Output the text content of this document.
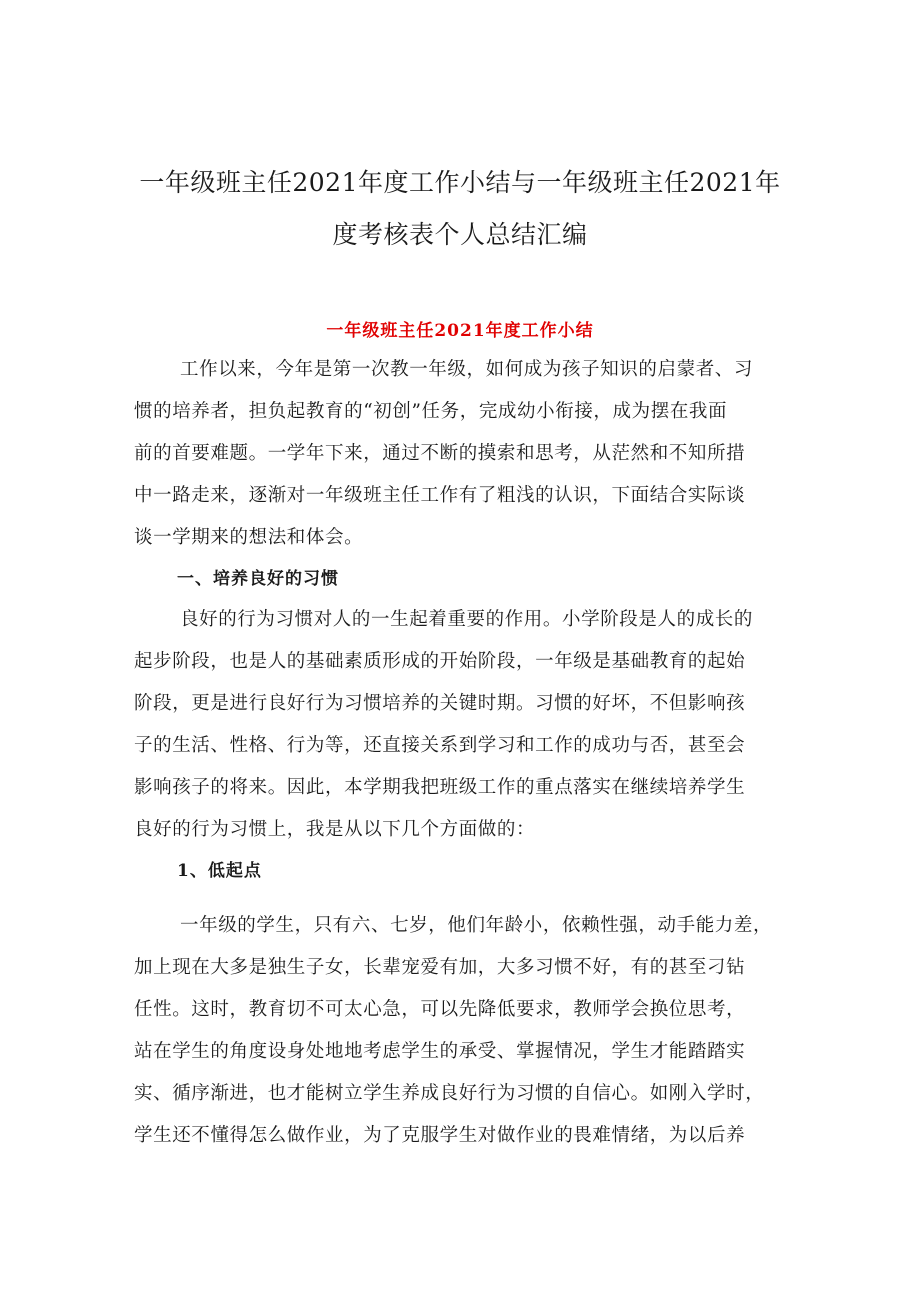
一年级班主任2021年度工作小结与一年级班主任2021年
度考核表个人总结汇编
一年级班主任2021年度工作小结

工作以来，今年是第一次教一年级，如何成为孩子知识的启蒙者、习

惯的培养者，担负起教育的“初创”任务，完成幼小衔接，成为摆在我面

前的首要难题。一学年下来，通过不断的摸索和思考，从茫然和不知所措

中一路走来，逐渐对一年级班主任工作有了粗浅的认识，下面结合实际谈

谈一学期来的想法和体会。

一、培养良好的习惯

良好的行为习惯对人的一生起着重要的作用。小学阶段是人的成长的

起步阶段，也是人的基础素质形成的开始阶段，一年级是基础教育的起始

阶段，更是进行良好行为习惯培养的关键时期。习惯的好坏，不但影响孩

子的生活、性格、行为等，还直接关系到学习和工作的成功与否，甚至会

影响孩子的将来。因此，本学期我把班级工作的重点落实在继续培养学生

良好的行为习惯上，我是从以下几个方面做的：

1、低起点

一年级的学生，只有六、七岁，他们年龄小，依赖性强，动手能力差，

加上现在大多是独生子女，长辈宠爱有加，大多习惯不好，有的甚至刁钻

任性。这时，教育切不可太心急，可以先降低要求，教师学会换位思考，

站在学生的角度设身处地地考虑学生的承受、掌握情况，学生才能踏踏实

实、循序渐进，也才能树立学生养成良好行为习惯的自信心。如刚入学时，

学生还不懂得怎么做作业，为了克服学生对做作业的畏难情绪，为以后养
